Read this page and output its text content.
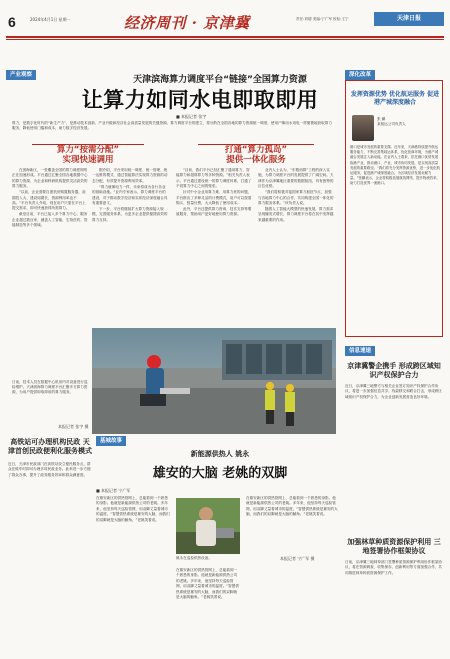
6	2024年4月1日 星期一	经济周刊 · 京津冀	责任:刘德 美编:宁广军 校检:王宁	天津日报
产业观察	深化改革
天津滨海算力调度平台“链接”全国算力资源
让算力如同水电即取即用
■ 本报记者 张宇
算力，是数字化时代的“新生产力”，是推动技术创新、产业升级和经济社会高质量发展的关键资源。算力调度平台的建立，将分散在全国各地的算力资源统一调度，使用户像用水用电一样便捷地获取算力服务，降低使用门槛和成本，助力数字经济发展。
算力“按需分配”
实现快速调用
打通“算力孤岛”
提供一体化服务

在滨海新区，一张覆盖全国的算力调度网络正在加速形成。平台通过汇聚全国各地数据中心的算力资源，为企业和科研机构提供灵活高效的算力服务。

“以前，企业需要自建机房购置服务器，前期投入大、建设周期长，资源利用率也不高。”平台负责人介绍，现在用户只需在平台上提交需求，即可快速获得所需算力。

截至目前，平台已接入多个算力中心，服务企业超过数百家，涵盖人工智能、生物医药、智能制造等多个领域。

据介绍，平台采用统一调度、统一管理、统一运维的模式，通过智能算法实现算力资源的动态分配，有效提升资源利用效率。

“算力就像电力一样，未来将成为各行各业的基础设施。”业内专家表示，算力调度平台的建设，对于推动数字经济和实体经济深度融合具有重要意义。

下一步，平台将继续扩大算力资源接入规模，完善服务体系，为更多企业提供便捷高效的算力支持。

“目前，我们平台已经汇聚了通用算力、智能算力和超算算力等多种资源。”相关负责人表示，平台通过建设统一的算力调度体系，打通了不同算力中心之间的壁垒。

针对中小企业用算力难、用算力贵的问题，平台推出了多种灵活的计费模式，用户可以按需购买、按量付费，大大降低了使用成本。

此外，平台还提供算力咨询、技术支持等增值服务，帮助用户更好地使用算力资源。

业内人士认为，“东数西算”工程的深入实施，为算力调度平台的发展提供了广阔空间。天津作为京津冀地区重要的数据枢纽，具有独特的区位优势。

“我们将积极对接国家算力枢纽节点，加强与各地算力中心的合作，共同构建全国一体化的算力服务体系。”该负责人说。

随着人工智能大模型的快速发展，算力需求呈现爆发式增长，算力调度平台将在其中发挥越来越重要的作用。

日前，技术人员在数据中心机房内对设备进行巡检维护。天津滨海算力调度平台汇聚多方算力资源，为用户提供即取即用的算力服务。
本报记者 张宇 摄
发挥资源优势 优化航运服务 促进港产城深度融合
张 鹏
某航运公司负责人
港口是城市发展的重要支撑。近年来，天津港持续提升航运服务能力，不断完善集疏运体系，优化营商环境，为港产城融合发展注入新动能。在业内人士看来，依托港口优势发展临港产业，推动港口、产业、城市协同发展，是实现高质量发展的重要路径。“我们将充分发挥资源优势，进一步优化航运服务，促进港产城深度融合，为区域经济发展贡献力量。”张鹏表示，企业将积极拓展航线网络，提升物流效率，助力打造世界一流港口。
信息速递
京津冀警企携手 形成跨区域知识产权保护合力
近日，京津冀三地警方与相关企业签订知识产权保护合作协议，将进一步加强信息共享、线索移交和联合打击，形成跨区域知识产权保护合力，为企业创新发展营造良好环境。
加强林草种质资源保护利用 三地签署协作框架协议
日前，京津冀三地林草部门签署种质资源保护利用协作框架协议，将在资源调查、收集保存、创新利用等方面加强合作，共同推进林草种质资源保护工作。
高铁站可办理机构民政 天津首创民政便利化服务模式
近日，天津市民政部门在高铁站设立便民服务点，群众在候车时即可办理多项民政业务。此举进一步方便了群众办事，提升了政务服务效率和群众满意度。
基城故事
新能源供热人 姚永
雄安的大脑 老姚的双脚
■ 本报记者 宁广军
在雄安新区的供热管网上，总能看到一个熟悉的身影。他就是新能源供热公司的老姚。多年来，他坚持每天巡检管网，用双脚丈量着城市的温度。“智慧供热系统是雄安的大脑，而我们的双脚就是大脑的触角。”老姚笑着说。
姚永在巡检供热设备。
在雄安新区的供热管网上，总能看到一个熟悉的身影。他就是新能源供热公司的老姚。多年来，他坚持每天巡检管网，用双脚丈量着城市的温度。“智慧供热系统是雄安的大脑，而我们的双脚就是大脑的触角。”老姚笑着说。
在雄安新区的供热管网上，总能看到一个熟悉的身影。他就是新能源供热公司的老姚。多年来，他坚持每天巡检管网，用双脚丈量着城市的温度。“智慧供热系统是雄安的大脑，而我们的双脚就是大脑的触角。”老姚笑着说。
本报记者 宁广军 摄
